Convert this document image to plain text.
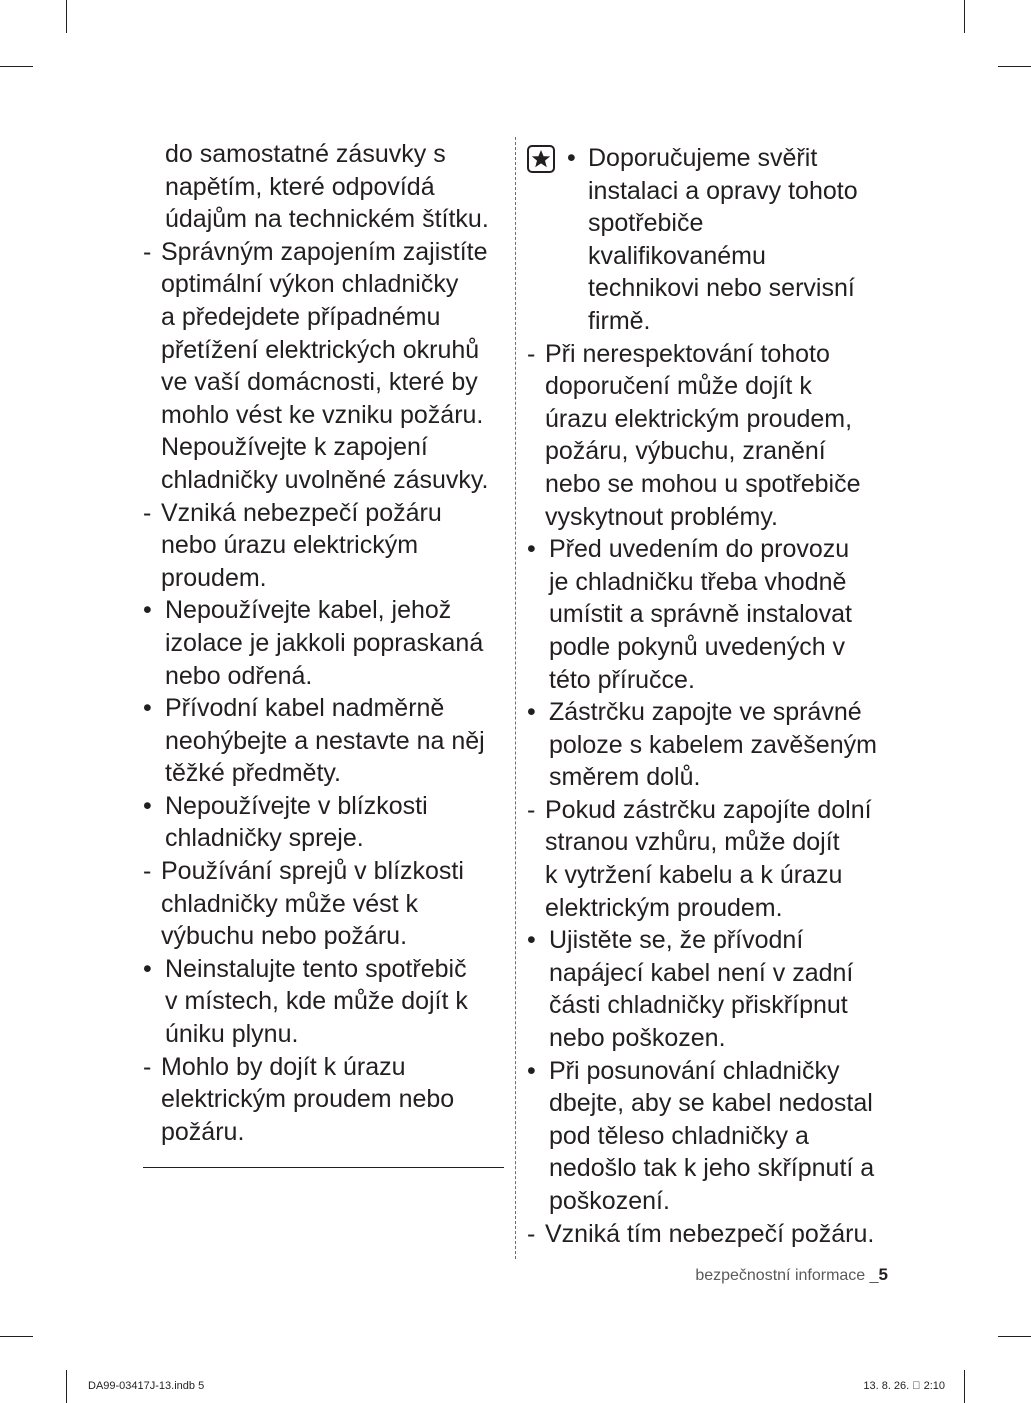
do samostatné zásuvky s
napětím, které odpovídá
údajům na technickém štítku.
- Správným zapojením zajistíte
optimální výkon chladničky
a předejdete případnému
přetížení elektrických okruhů
ve vaší domácnosti, které by
mohlo vést ke vzniku požáru.
Nepoužívejte k zapojení
chladničky uvolněné zásuvky.
- Vzniká nebezpečí požáru
nebo úrazu elektrickým
proudem.
• Nepoužívejte kabel, jehož
izolace je jakkoli popraskaná
nebo odřená.
• Přívodní kabel nadměrně
neohýbejte a nestavte na něj
těžké předměty.
• Nepoužívejte v blízkosti
chladničky spreje.
- Používání sprejů v blízkosti
chladničky může vést k
výbuchu nebo požáru.
• Neinstalujte tento spotřebič
v místech, kde může dojít k
úniku plynu.
- Mohlo by dojít k úrazu
elektrickým proudem nebo
požáru.
• Doporučujeme svěřit
instalaci a opravy tohoto
spotřebiče
kvalifikovanému
technikovi nebo servisní
firmě.
- Při nerespektování tohoto
doporučení může dojít k
úrazu elektrickým proudem,
požáru, výbuchu, zranění
nebo se mohou u spotřebiče
vyskytnout problémy.
• Před uvedením do provozu
je chladničku třeba vhodně
umístit a správně instalovat
podle pokynů uvedených v
této příručce.
• Zástrčku zapojte ve správné
poloze s kabelem zavěšeným
směrem dolů.
- Pokud zástrčku zapojíte dolní
stranou vzhůru, může dojít
k vytržení kabelu a k úrazu
elektrickým proudem.
• Ujistěte se, že přívodní
napájecí kabel není v zadní
části chladničky přiskřípnut
nebo poškozen.
• Při posunování chladničky
dbejte, aby se kabel nedostal
pod těleso chladničky a
nedošlo tak k jeho skřípnutí a
poškození.
- Vzniká tím nebezpečí požáru.
bezpečnostní informace _5
DA99-03417J-13.indb 5	13. 8. 26. ﻿ﾞ﻿ 2:10
